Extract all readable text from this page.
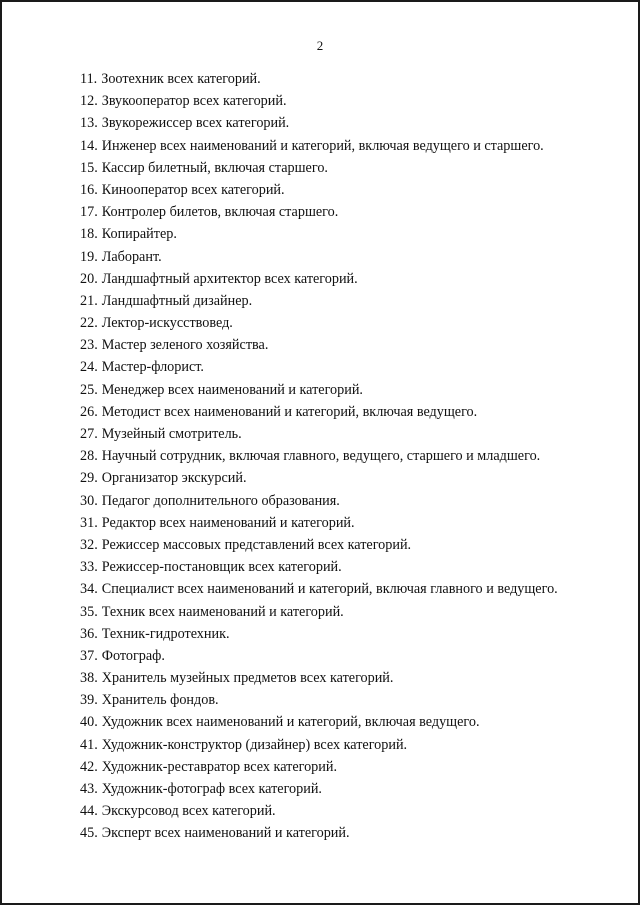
2
11. Зоотехник всех категорий.
12. Звукооператор всех категорий.
13. Звукорежиссер всех категорий.
14. Инженер всех наименований и категорий, включая ведущего и старшего.
15. Кассир билетный, включая старшего.
16. Кинооператор всех категорий.
17. Контролер билетов, включая старшего.
18. Копирайтер.
19. Лаборант.
20. Ландшафтный архитектор всех категорий.
21. Ландшафтный дизайнер.
22. Лектор-искусствовед.
23. Мастер зеленого хозяйства.
24. Мастер-флорист.
25. Менеджер всех наименований и категорий.
26. Методист всех наименований и категорий, включая ведущего.
27. Музейный смотритель.
28. Научный сотрудник, включая главного, ведущего, старшего и младшего.
29. Организатор экскурсий.
30. Педагог дополнительного образования.
31. Редактор всех наименований и категорий.
32. Режиссер массовых представлений всех категорий.
33. Режиссер-постановщик всех категорий.
34. Специалист всех наименований и категорий, включая главного и ведущего.
35. Техник всех наименований и категорий.
36. Техник-гидротехник.
37. Фотограф.
38. Хранитель музейных предметов всех категорий.
39. Хранитель фондов.
40. Художник всех наименований и категорий, включая ведущего.
41. Художник-конструктор (дизайнер) всех категорий.
42. Художник-реставратор всех категорий.
43. Художник-фотограф всех категорий.
44. Экскурсовод всех категорий.
45. Эксперт всех наименований и категорий.
